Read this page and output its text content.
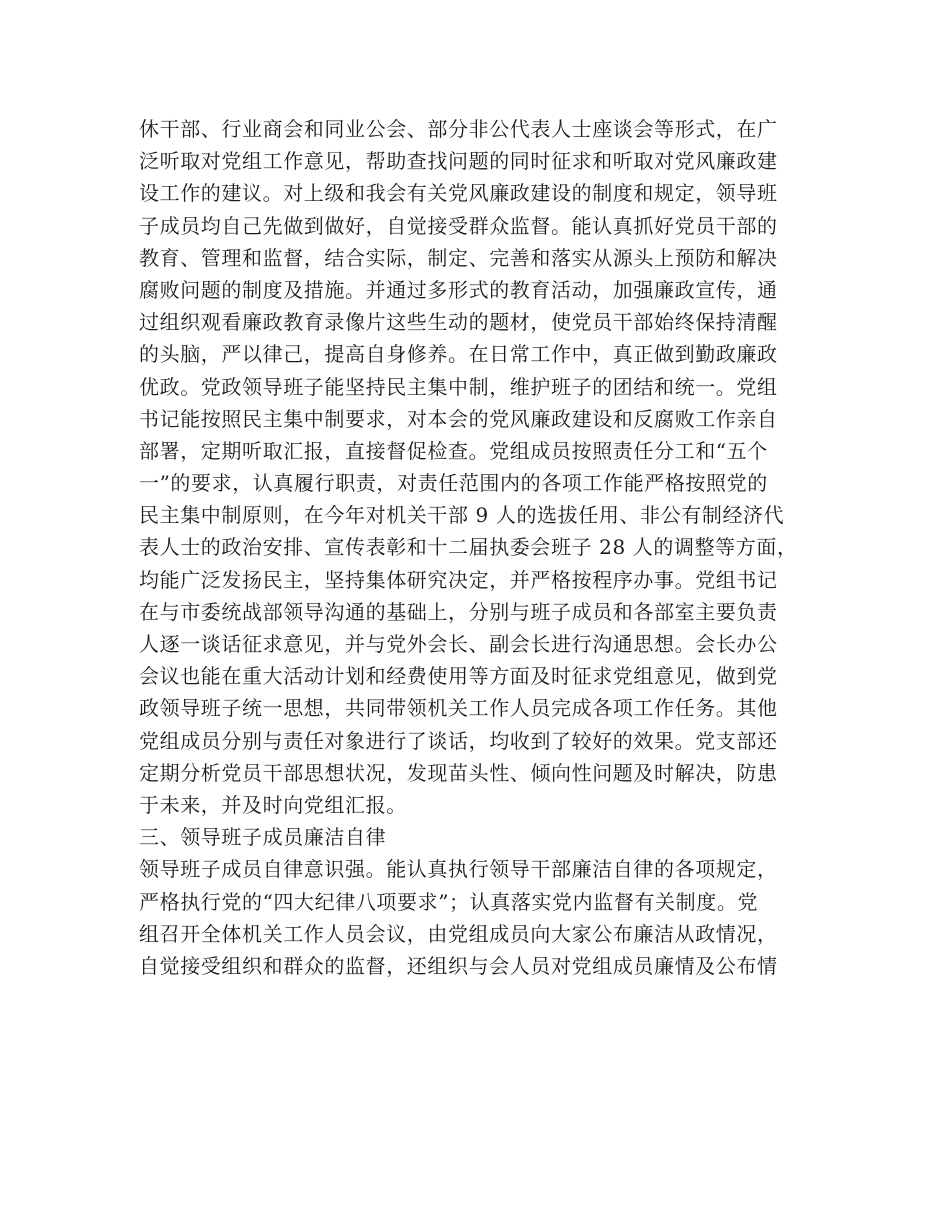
休干部、行业商会和同业公会、部分非公代表人士座谈会等形式，在广
泛听取对党组工作意见，帮助查找问题的同时征求和听取对党风廉政建
设工作的建议。对上级和我会有关党风廉政建设的制度和规定，领导班
子成员均自己先做到做好，自觉接受群众监督。能认真抓好党员干部的
教育、管理和监督，结合实际，制定、完善和落实从源头上预防和解决
腐败问题的制度及措施。并通过多形式的教育活动，加强廉政宣传，通
过组织观看廉政教育录像片这些生动的题材，使党员干部始终保持清醒
的头脑，严以律己，提高自身修养。在日常工作中，真正做到勤政廉政
优政。党政领导班子能坚持民主集中制，维护班子的团结和统一。党组
书记能按照民主集中制要求，对本会的党风廉政建设和反腐败工作亲自
部署，定期听取汇报，直接督促检查。党组成员按照责任分工和“五个
一”的要求，认真履行职责，对责任范围内的各项工作能严格按照党的
民主集中制原则，在今年对机关干部 9 人的选拔任用、非公有制经济代
表人士的政治安排、宣传表彰和十二届执委会班子 28 人的调整等方面，
均能广泛发扬民主，坚持集体研究决定，并严格按程序办事。党组书记
在与市委统战部领导沟通的基础上，分别与班子成员和各部室主要负责
人逐一谈话征求意见，并与党外会长、副会长进行沟通思想。会长办公
会议也能在重大活动计划和经费使用等方面及时征求党组意见，做到党
政领导班子统一思想，共同带领机关工作人员完成各项工作任务。其他
党组成员分别与责任对象进行了谈话，均收到了较好的效果。党支部还
定期分析党员干部思想状况，发现苗头性、倾向性问题及时解决，防患
于未来，并及时向党组汇报。
三、领导班子成员廉洁自律
领导班子成员自律意识强。能认真执行领导干部廉洁自律的各项规定，
严格执行党的“四大纪律八项要求”；认真落实党内监督有关制度。党
组召开全体机关工作人员会议，由党组成员向大家公布廉洁从政情况，
自觉接受组织和群众的监督，还组织与会人员对党组成员廉情及公布情
